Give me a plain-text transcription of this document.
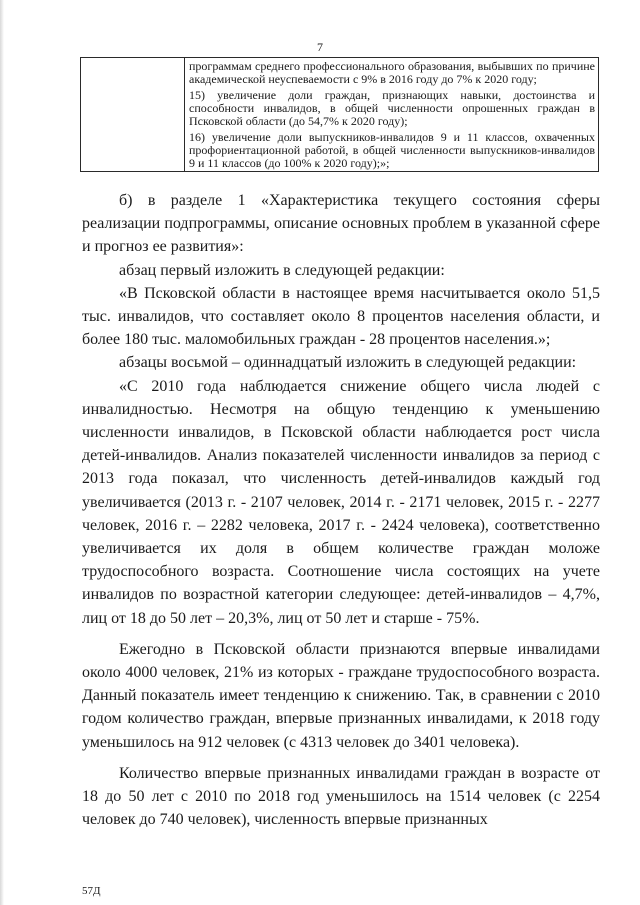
7

программам среднего профессионального образования, выбывших по причине академической неуспеваемости с 9% в 2016 году до 7% к 2020 году;
15) увеличение доли граждан, признающих навыки, достоинства и способности инвалидов, в общей численности опрошенных граждан в Псковской области (до 54,7% к 2020 году);
16) увеличение доли выпускников-инвалидов 9 и 11 классов, охваченных профориентационной работой, в общей численности выпускников-инвалидов 9 и 11 классов (до 100% к 2020 году);»;

б) в разделе 1 «Характеристика текущего состояния сферы реализации подпрограммы, описание основных проблем в указанной сфере и прогноз ее развития»:

абзац первый изложить в следующей редакции:

«В Псковской области в настоящее время насчитывается около 51,5 тыс. инвалидов, что составляет около 8 процентов населения области, и более 180 тыс. маломобильных граждан - 28 процентов населения.»;

абзацы восьмой – одиннадцатый изложить в следующей редакции:

«С 2010 года наблюдается снижение общего числа людей с инвалидностью. Несмотря на общую тенденцию к уменьшению численности инвалидов, в Псковской области наблюдается рост числа детей-инвалидов. Анализ показателей численности инвалидов за период с 2013 года показал, что численность детей-инвалидов каждый год увеличивается (2013 г. - 2107 человек, 2014 г. - 2171 человек, 2015 г. - 2277 человек, 2016 г. – 2282 человека, 2017 г. - 2424 человека), соответственно увеличивается их доля в общем количестве граждан моложе трудоспособного возраста. Соотношение числа состоящих на учете инвалидов по возрастной категории следующее: детей-инвалидов – 4,7%, лиц от 18 до 50 лет – 20,3%, лиц от 50 лет и старше - 75%.

Ежегодно в Псковской области признаются впервые инвалидами около 4000 человек, 21% из которых - граждане трудоспособного возраста. Данный показатель имеет тенденцию к снижению. Так, в сравнении с 2010 годом количество граждан, впервые признанных инвалидами, к 2018 году уменьшилось на 912 человек (с 4313 человек до 3401 человека).

Количество впервые признанных инвалидами граждан в возрасте от 18 до 50 лет с 2010 по 2018 год уменьшилось на 1514 человек (с 2254 человек до 740 человек), численность впервые признанных

57Д
